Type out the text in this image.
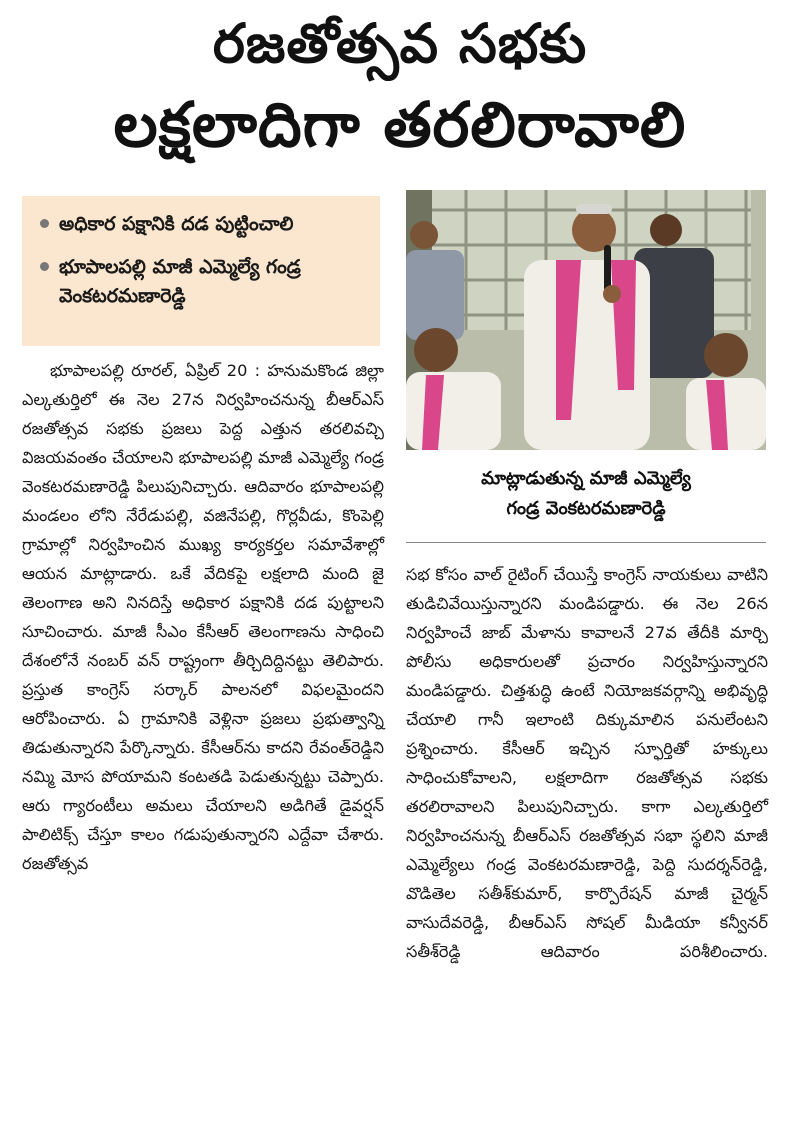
రజతోత్సవ సభకు
లక్షలాదిగా తరలిరావాలి
అధికార పక్షానికి దడ పుట్టించాలి
భూపాలపల్లి మాజీ ఎమ్మెల్యే గండ్ర వెంకటరమణారెడ్డి
మాట్లాడుతున్న మాజీ ఎమ్మెల్యే
గండ్ర వెంకటరమణారెడ్డి

భూపాలపల్లి రూరల్, ఏప్రిల్ 20 : హనుమకొండ జిల్లా ఎల్కతుర్తిలో ఈ నెల 27న నిర్వహించనున్న బీఆర్ఎస్ రజతోత్సవ సభకు ప్రజలు పెద్ద ఎత్తున తరలివచ్చి విజయవంతం చేయాలని భూపాలపల్లి మాజీ ఎమ్మెల్యే గండ్ర వెంకటరమణారెడ్డి పిలుపునిచ్చారు. ఆదివారం భూపాలపల్లి మండలం లోని నేరేడుపల్లి, వజినేపల్లి, గొర్లవీడు, కొంపెల్లి గ్రామాల్లో నిర్వహించిన ముఖ్య కార్యకర్తల సమావేశాల్లో ఆయన మాట్లాడారు. ఒకే వేదికపై లక్షలాది మంది జై తెలంగాణ అని నినదిస్తే అధికార పక్షానికి దడ పుట్టాలని సూచించారు. మాజీ సీఎం కేసీఆర్ తెలంగాణను సాధించి దేశంలోనే నంబర్ వన్ రాష్ట్రంగా తీర్చిదిద్దినట్టు తెలిపారు. ప్రస్తుత కాంగ్రెస్ సర్కార్ పాలనలో విఫలమైందని ఆరోపించారు. ఏ గ్రామానికి వెళ్లినా ప్రజలు ప్రభుత్వాన్ని తిడుతున్నారని పేర్కొన్నారు. కేసీఆర్‌ను కాదని రేవంత్‌రెడ్డిని నమ్మి మోస పోయామని కంటతడి పెడుతున్నట్టు చెప్పారు. ఆరు గ్యారంటీలు అమలు చేయాలని అడిగితే డైవర్షన్ పాలిటిక్స్ చేస్తూ కాలం గడుపుతున్నారని ఎద్దేవా చేశారు. రజతోత్సవ

సభ కోసం వాల్ రైటింగ్ చేయిస్తే కాంగ్రెస్ నాయకులు వాటిని తుడిచివేయిస్తున్నారని మండిపడ్డారు. ఈ నెల 26న నిర్వహించే జాబ్ మేళాను కావాలనే 27వ తేదీకి మార్చి పోలీసు అధికారులతో ప్రచారం నిర్వహిస్తున్నారని మండిపడ్డారు. చిత్తశుద్ధి ఉంటే నియోజకవర్గాన్ని అభివృద్ధి చేయాలి గానీ ఇలాంటి దిక్కుమాలిన పనులేంటని ప్రశ్నించారు. కేసీఆర్ ఇచ్చిన స్ఫూర్తితో హక్కులు సాధించుకోవాలని, లక్షలాదిగా రజతోత్సవ సభకు తరలిరావాలని పిలుపునిచ్చారు. కాగా ఎల్కతుర్తిలో నిర్వహించనున్న బీఆర్ఎస్ రజతోత్సవ సభా స్థలిని మాజీ ఎమ్మెల్యేలు గండ్ర వెంకటరమణారెడ్డి, పెద్ది సుదర్శన్‌రెడ్డి, వొడితెల సతీశ్‌కుమార్, కార్పొరేషన్ మాజీ చైర్మన్ వాసుదేవరెడ్డి, బీఆర్ఎస్ సోషల్ మీడియా కన్వీనర్ సతీశ్‌రెడ్డి ఆదివారం పరిశీలించారు.
